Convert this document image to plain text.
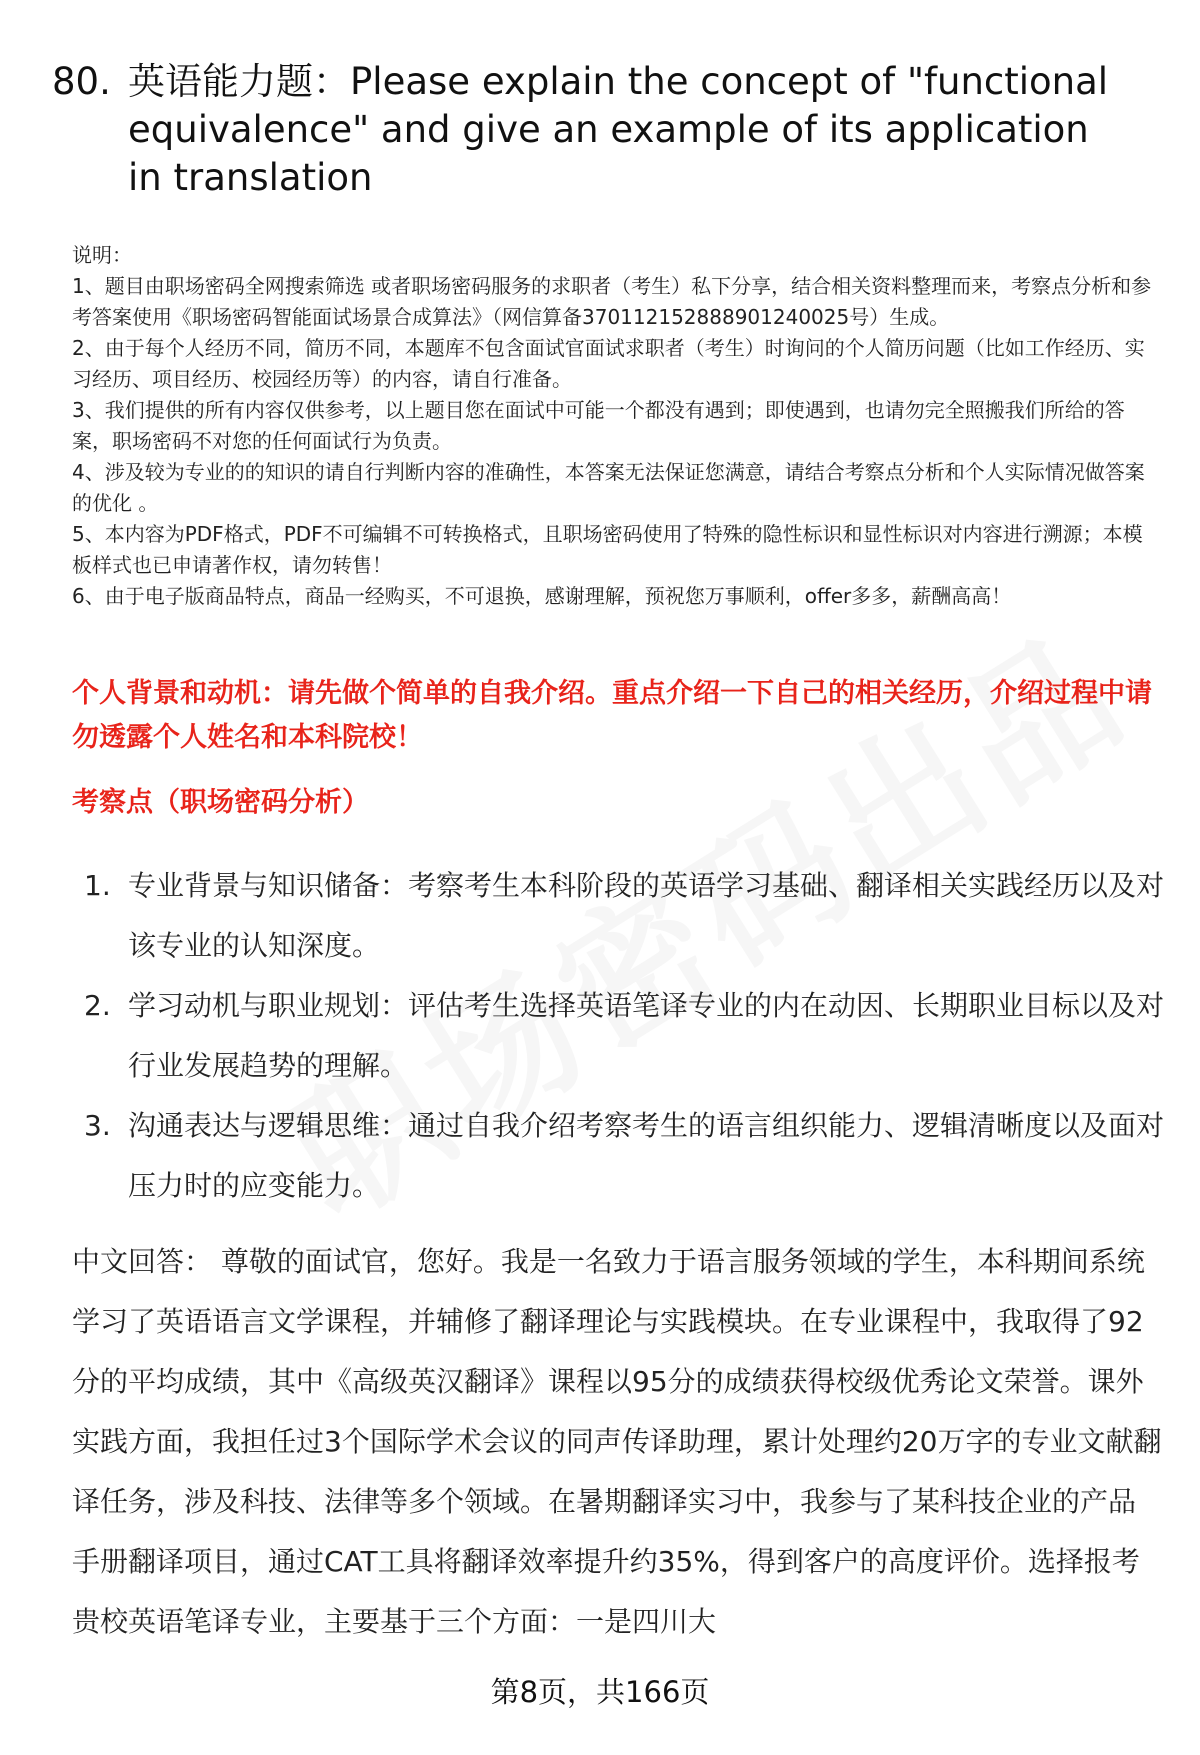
80. 英语能力题：Please explain the concept of "functional equivalence" and give an example of its application in translation

说明：

1、题目由职场密码全网搜索筛选 或者职场密码服务的求职者（考生）私下分享，结合相关资料整理而来，考察点分析和参考答案使用《职场密码智能面试场景合成算法》（网信算备370112152888901240025号）生成。

2、由于每个人经历不同，简历不同，本题库不包含面试官面试求职者（考生）时询问的个人简历问题（比如工作经历、实习经历、项目经历、校园经历等）的内容，请自行准备。

3、我们提供的所有内容仅供参考，以上题目您在面试中可能一个都没有遇到；即使遇到，也请勿完全照搬我们所给的答案，职场密码不对您的任何面试行为负责。

4、涉及较为专业的的知识的请自行判断内容的准确性，本答案无法保证您满意，请结合考察点分析和个人实际情况做答案的优化 。

5、本内容为PDF格式，PDF不可编辑不可转换格式，且职场密码使用了特殊的隐性标识和显性标识对内容进行溯源；本模板样式也已申请著作权，请勿转售！

6、由于电子版商品特点，商品一经购买，不可退换，感谢理解，预祝您万事顺利，offer多多，薪酬高高！

个人背景和动机：请先做个简单的自我介绍。重点介绍一下自己的相关经历，介绍过程中请勿透露个人姓名和本科院校！
考察点（职场密码分析）
1. 专业背景与知识储备：考察考生本科阶段的英语学习基础、翻译相关实践经历以及对该专业的认知深度。
2. 学习动机与职业规划：评估考生选择英语笔译专业的内在动因、长期职业目标以及对行业发展趋势的理解。
3. 沟通表达与逻辑思维：通过自我介绍考察考生的语言组织能力、逻辑清晰度以及面对压力时的应变能力。

中文回答： 尊敬的面试官，您好。我是一名致力于语言服务领域的学生，本科期间系统学习了英语语言文学课程，并辅修了翻译理论与实践模块。在专业课程中，我取得了92分的平均成绩，其中《高级英汉翻译》课程以95分的成绩获得校级优秀论文荣誉。课外实践方面，我担任过3个国际学术会议的同声传译助理，累计处理约20万字的专业文献翻译任务，涉及科技、法律等多个领域。在暑期翻译实习中，我参与了某科技企业的产品手册翻译项目，通过CAT工具将翻译效率提升约35%，得到客户的高度评价。选择报考贵校英语笔译专业，主要基于三个方面：一是四川大

第8页，共166页
